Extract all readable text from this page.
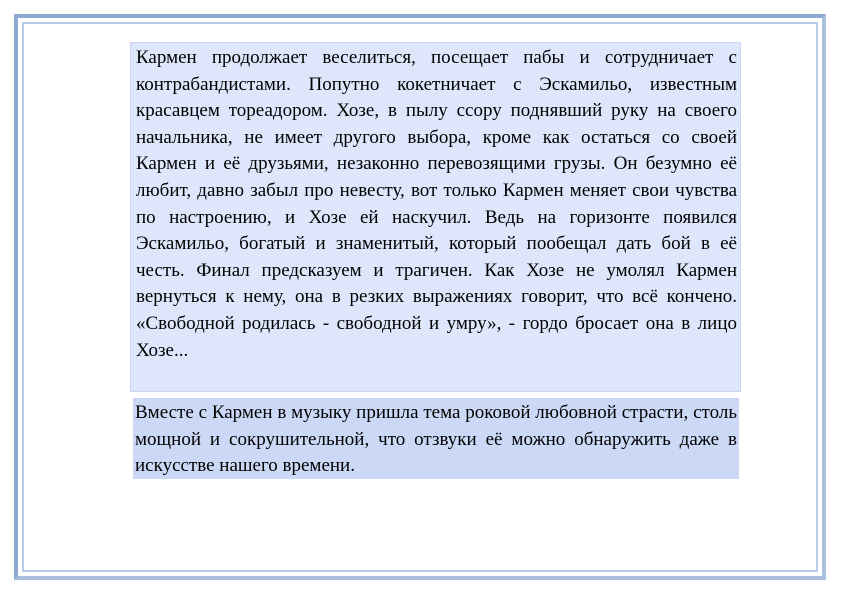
Кармен продолжает веселиться, посещает пабы и сотрудничает с контрабандистами. Попутно кокетничает с Эскамильо, известным красавцем тореадором. Хозе, в пылу ссору поднявший руку на своего начальника, не имеет другого выбора, кроме как остаться со своей Кармен и её друзьями, незаконно перевозящими грузы. Он безумно её любит, давно забыл про невесту, вот только Кармен меняет свои чувства по настроению, и Хозе ей наскучил. Ведь на горизонте появился Эскамильо, богатый и знаменитый, который пообещал дать бой в её честь. Финал предсказуем и трагичен. Как Хозе не умолял Кармен вернуться к нему, она в резких выражениях говорит, что всё кончено. «Свободной родилась - свободной и умру», - гордо бросает она в лицо Хозе...

Вместе с Кармен в музыку пришла тема роковой любовной страсти, столь мощной и сокрушительной, что отзвуки её можно обнаружить даже в искусстве нашего времени.
